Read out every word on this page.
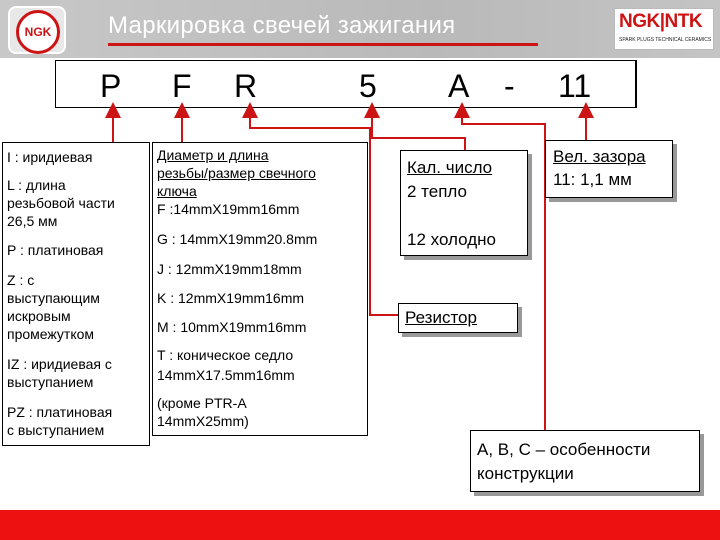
NGK	Маркировка свечей зажигания	NGK|NTK
SPARK PLUGS TECHNICAL CERAMICS
P F R	5 A - 11
I : иридиевая
L : длина
резьбовой части
26,5 мм
P : платиновая
Z : с
выступающим
искровым
промежутком
IZ : иридиевая с
выступанием
PZ : платиновая
с выступанием
Диаметр и длина
резьбы/размер свечного
ключа
F :14mmX19mm16mm
G : 14mmX19mm20.8mm
J : 12mmX19mm18mm
K : 12mmX19mm16mm
M : 10mmX19mm16mm
T : коническое седло
14mmX17.5mm16mm
(кроме PTR-A
14mmX25mm)
Кал. число
2 тепло
12 холодно
Резистор
Вел. зазора
11: 1,1 мм
A, B, C – особенности
конструкции
